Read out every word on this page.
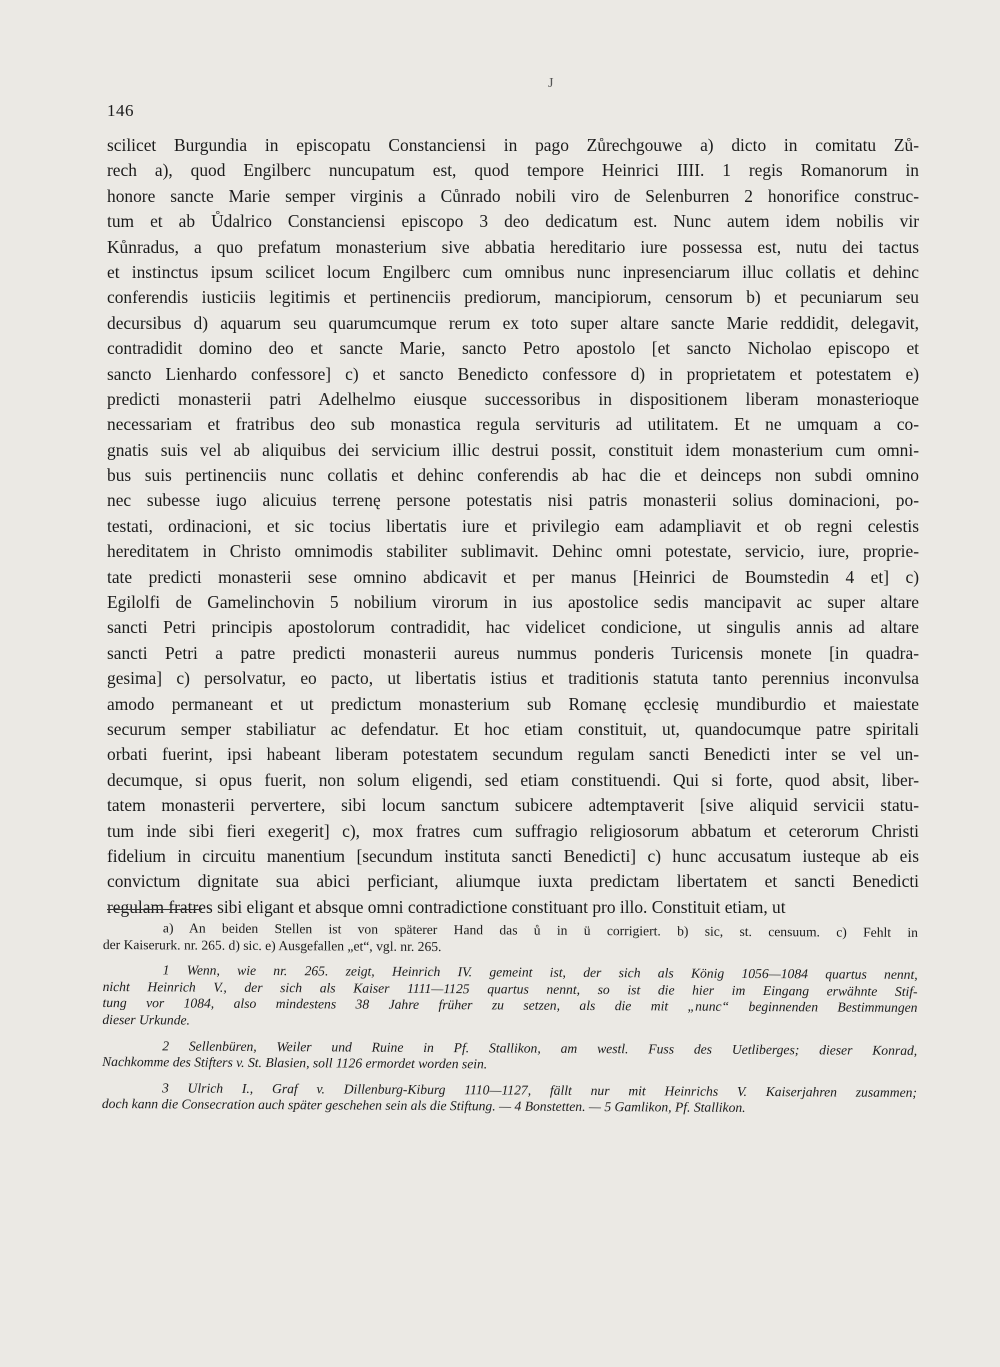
J
146
scilicet Burgundia in episcopatu Constanciensi in pago Zůrechgouwe a) dicto in comitatu Zů-
rech a), quod Engilberc nuncupatum est, quod tempore Heinrici IIII. 1 regis Romanorum in
honore sancte Marie semper virginis a Cůnrado nobili viro de Selenburren 2 honorifice construc-
tum et ab Ůdalrico Constanciensi episcopo 3 deo dedicatum est. Nunc autem idem nobilis vir
Kůnradus, a quo prefatum monasterium sive abbatia hereditario iure possessa est, nutu dei tactus
et instinctus ipsum scilicet locum Engilberc cum omnibus nunc inpresenciarum illuc collatis et dehinc
conferendis iusticiis legitimis et pertinenciis prediorum, mancipiorum, censorum b) et pecuniarum seu
decursibus d) aquarum seu quarumcumque rerum ex toto super altare sancte Marie reddidit, delegavit,
contradidit domino deo et sancte Marie, sancto Petro apostolo [et sancto Nicholao episcopo et
sancto Lienhardo confessore] c) et sancto Benedicto confessore d) in proprietatem et potestatem e)
predicti monasterii patri Adelhelmo eiusque successoribus in dispositionem liberam monasterioque
necessariam et fratribus deo sub monastica regula servituris ad utilitatem. Et ne umquam a co-
gnatis suis vel ab aliquibus dei servicium illic destrui possit, constituit idem monasterium cum omni-
bus suis pertinenciis nunc collatis et dehinc conferendis ab hac die et deinceps non subdi omnino
nec subesse iugo alicuius terrenę persone potestatis nisi patris monasterii solius dominacioni, po-
testati, ordinacioni, et sic tocius libertatis iure et privilegio eam adampliavit et ob regni celestis
hereditatem in Christo omnimodis stabiliter sublimavit. Dehinc omni potestate, servicio, iure, proprie-
tate predicti monasterii sese omnino abdicavit et per manus [Heinrici de Boumstedin 4 et] c)
Egilolfi de Gamelinchovin 5 nobilium virorum in ius apostolice sedis mancipavit ac super altare
sancti Petri principis apostolorum contradidit, hac videlicet condicione, ut singulis annis ad altare
sancti Petri a patre predicti monasterii aureus nummus ponderis Turicensis monete [in quadra-
gesima] c) persolvatur, eo pacto, ut libertatis istius et traditionis statuta tanto perennius inconvulsa
amodo permaneant et ut predictum monasterium sub Romanę ęcclesię mundiburdio et maiestate
securum semper stabiliatur ac defendatur. Et hoc etiam constituit, ut, quandocumque patre spiritali
orbati fuerint, ipsi habeant liberam potestatem secundum regulam sancti Benedicti inter se vel un-
decumque, si opus fuerit, non solum eligendi, sed etiam constituendi. Qui si forte, quod absit, liber-
tatem monasterii pervertere, sibi locum sanctum subicere adtemptaverit [sive aliquid servicii statu-
tum inde sibi fieri exegerit] c), mox fratres cum suffragio religiosorum abbatum et ceterorum Christi
fidelium in circuitu manentium [secundum instituta sancti Benedicti] c) hunc accusatum iusteque ab eis
convictum dignitate sua abici perficiant, aliumque iuxta predictam libertatem et sancti Benedicti
regulam fratres sibi eligant et absque omni contradictione constituant pro illo. Constituit etiam, ut
a) An beiden Stellen ist von späterer Hand das ů in ü corrigiert. b) sic, st. censuum. c) Fehlt in
der Kaiserurk. nr. 265. d) sic. e) Ausgefallen „et“, vgl. nr. 265.
1 Wenn, wie nr. 265. zeigt, Heinrich IV. gemeint ist, der sich als König 1056—1084 quartus nennt,
nicht Heinrich V., der sich als Kaiser 1111—1125 quartus nennt, so ist die hier im Eingang erwähnte Stif-
tung vor 1084, also mindestens 38 Jahre früher zu setzen, als die mit „nunc“ beginnenden Bestimmungen
dieser Urkunde.
2 Sellenbüren, Weiler und Ruine in Pf. Stallikon, am westl. Fuss des Uetliberges; dieser Konrad,
Nachkomme des Stifters v. St. Blasien, soll 1126 ermordet worden sein.
3 Ulrich I., Graf v. Dillenburg-Kiburg 1110—1127, fällt nur mit Heinrichs V. Kaiserjahren zusammen;
doch kann die Consecration auch später geschehen sein als die Stiftung. — 4 Bonstetten. — 5 Gamlikon, Pf. Stallikon.
